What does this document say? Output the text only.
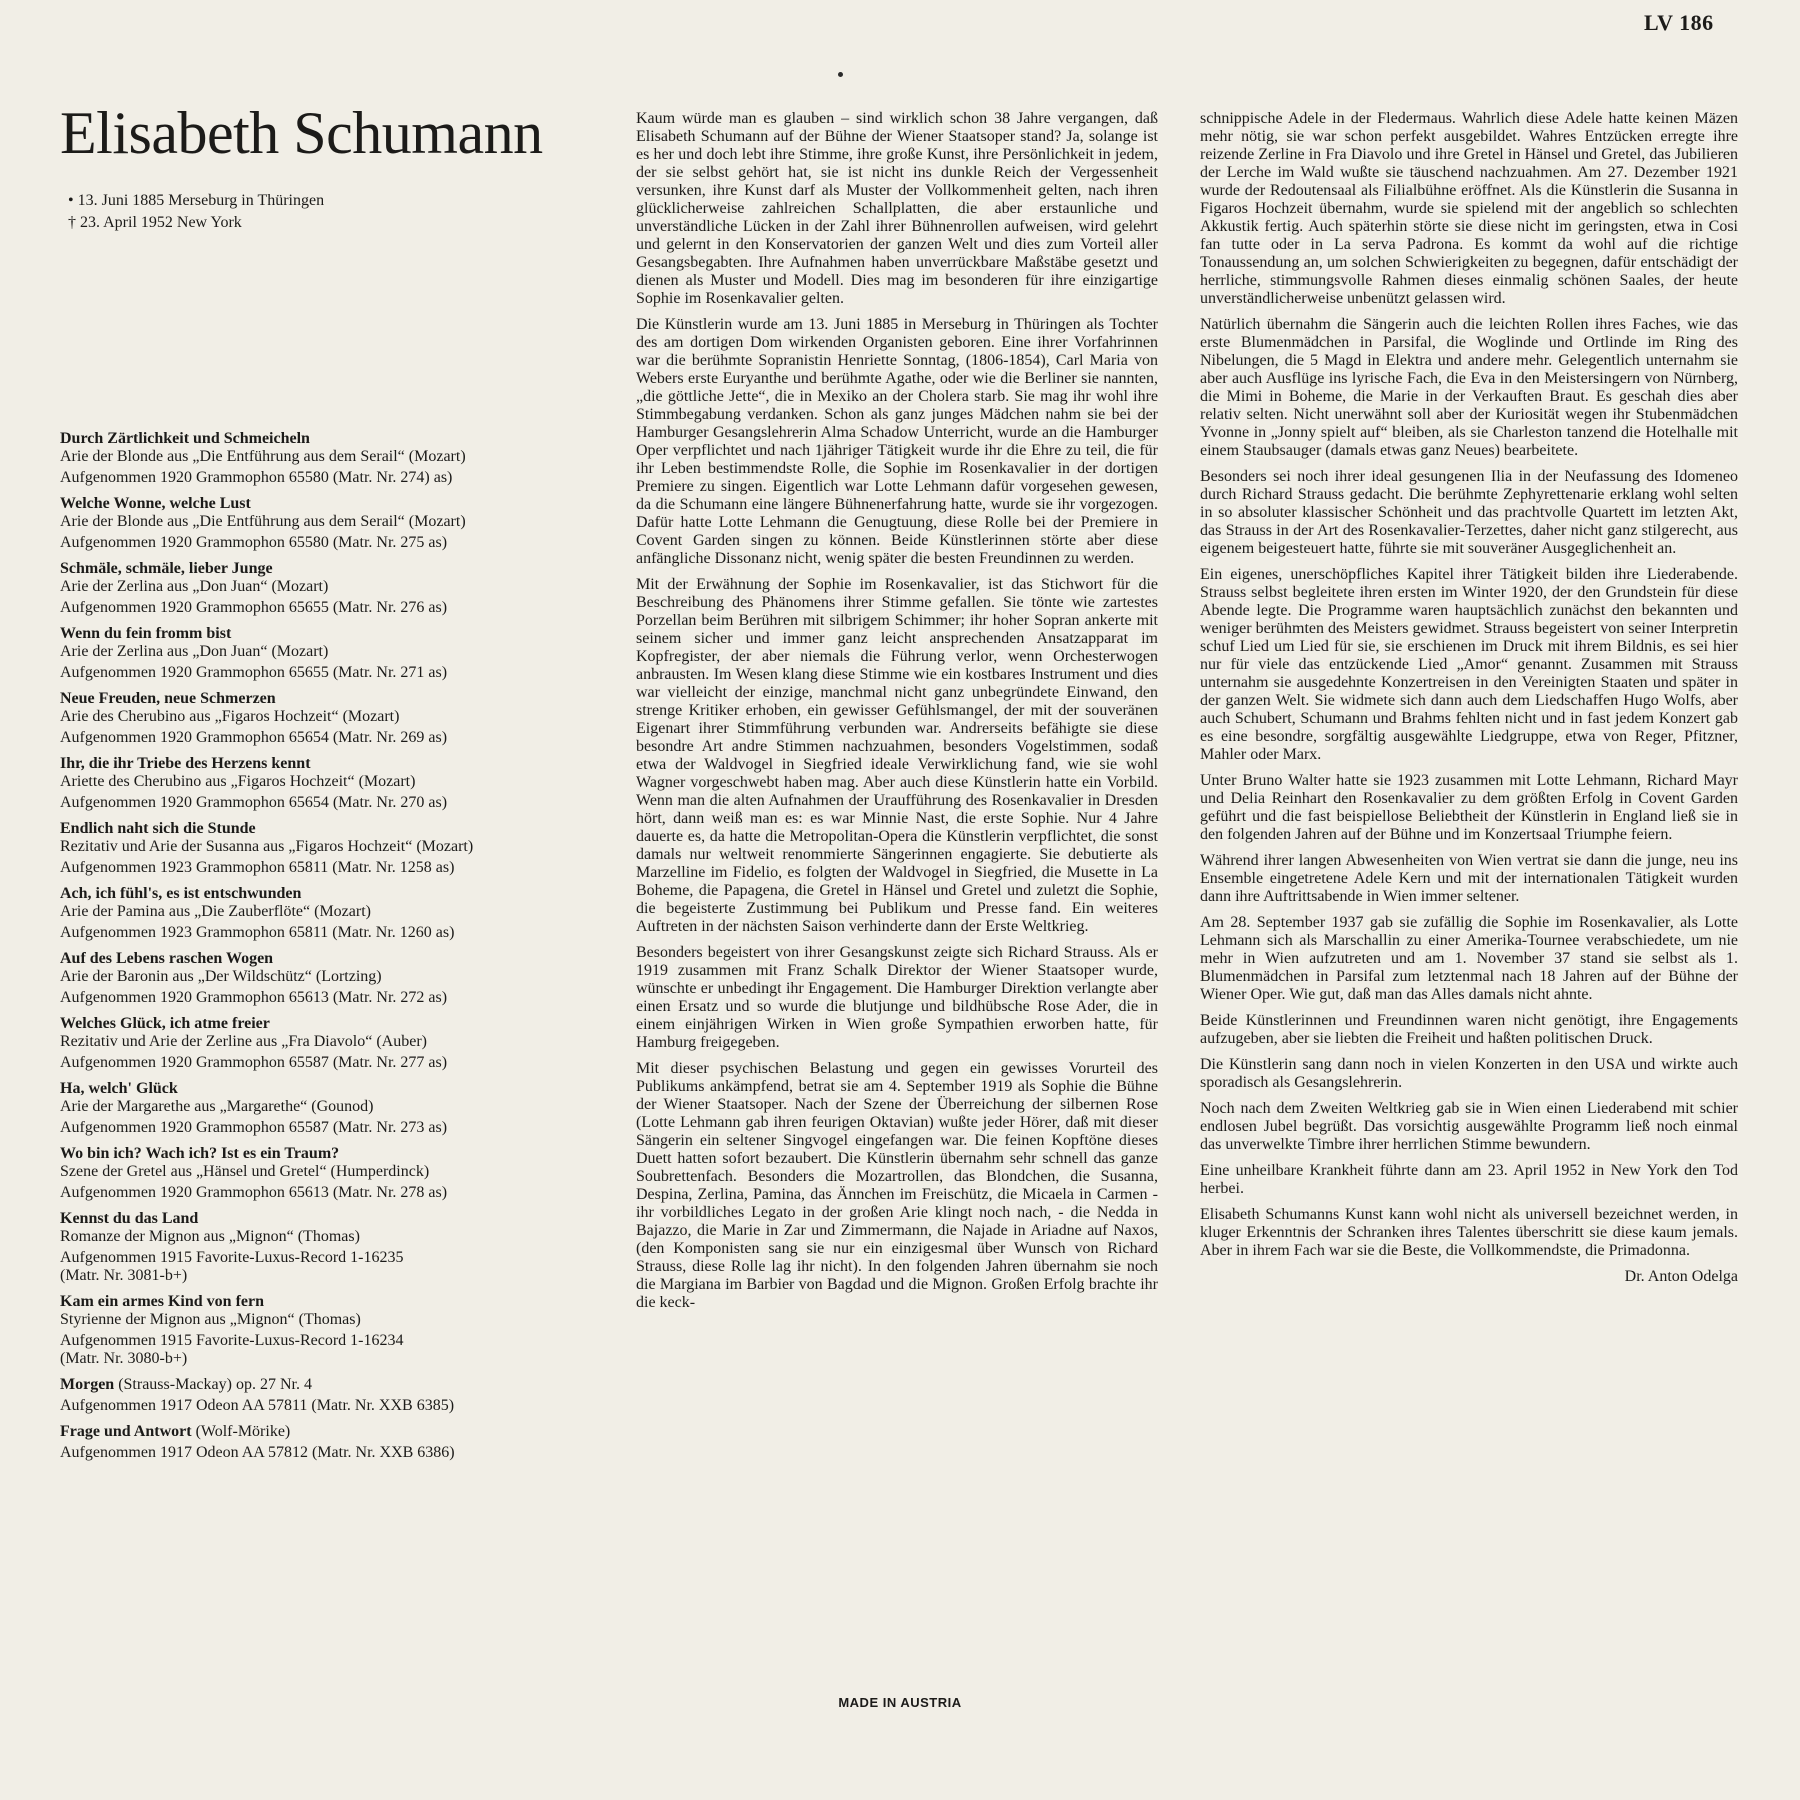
LV 186
Elisabeth Schumann
• 13. Juni 1885 Merseburg in Thüringen
† 23. April 1952 New York
Durch Zärtlichkeit und Schmeicheln
Arie der Blonde aus „Die Entführung aus dem Serail“ (Mozart)
Aufgenommen 1920 Grammophon 65580 (Matr. Nr. 274) as)
Welche Wonne, welche Lust
Arie der Blonde aus „Die Entführung aus dem Serail“ (Mozart)
Aufgenommen 1920 Grammophon 65580 (Matr. Nr. 275 as)
Schmäle, schmäle, lieber Junge
Arie der Zerlina aus „Don Juan“ (Mozart)
Aufgenommen 1920 Grammophon 65655 (Matr. Nr. 276 as)
Wenn du fein fromm bist
Arie der Zerlina aus „Don Juan“ (Mozart)
Aufgenommen 1920 Grammophon 65655 (Matr. Nr. 271 as)
Neue Freuden, neue Schmerzen
Arie des Cherubino aus „Figaros Hochzeit“ (Mozart)
Aufgenommen 1920 Grammophon 65654 (Matr. Nr. 269 as)
Ihr, die ihr Triebe des Herzens kennt
Ariette des Cherubino aus „Figaros Hochzeit“ (Mozart)
Aufgenommen 1920 Grammophon 65654 (Matr. Nr. 270 as)
Endlich naht sich die Stunde
Rezitativ und Arie der Susanna aus „Figaros Hochzeit“ (Mozart)
Aufgenommen 1923 Grammophon 65811 (Matr. Nr. 1258 as)
Ach, ich fühl's, es ist entschwunden
Arie der Pamina aus „Die Zauberflöte“ (Mozart)
Aufgenommen 1923 Grammophon 65811 (Matr. Nr. 1260 as)
Auf des Lebens raschen Wogen
Arie der Baronin aus „Der Wildschütz“ (Lortzing)
Aufgenommen 1920 Grammophon 65613 (Matr. Nr. 272 as)
Welches Glück, ich atme freier
Rezitativ und Arie der Zerline aus „Fra Diavolo“ (Auber)
Aufgenommen 1920 Grammophon 65587 (Matr. Nr. 277 as)
Ha, welch' Glück
Arie der Margarethe aus „Margarethe“ (Gounod)
Aufgenommen 1920 Grammophon 65587 (Matr. Nr. 273 as)
Wo bin ich? Wach ich? Ist es ein Traum?
Szene der Gretel aus „Hänsel und Gretel“ (Humperdinck)
Aufgenommen 1920 Grammophon 65613 (Matr. Nr. 278 as)
Kennst du das Land
Romanze der Mignon aus „Mignon“ (Thomas)
Aufgenommen 1915 Favorite-Luxus-Record 1-16235
(Matr. Nr. 3081-b+)
Kam ein armes Kind von fern
Styrienne der Mignon aus „Mignon“ (Thomas)
Aufgenommen 1915 Favorite-Luxus-Record 1-16234
(Matr. Nr. 3080-b+)
Morgen (Strauss-Mackay) op. 27 Nr. 4
Aufgenommen 1917 Odeon AA 57811 (Matr. Nr. XXB 6385)
Frage und Antwort (Wolf-Mörike)
Aufgenommen 1917 Odeon AA 57812 (Matr. Nr. XXB 6386)

Kaum würde man es glauben – sind wirklich schon 38 Jahre vergangen, daß Elisabeth Schumann auf der Bühne der Wiener Staatsoper stand? Ja, solange ist es her und doch lebt ihre Stimme, ihre große Kunst, ihre Persönlichkeit in jedem, der sie selbst gehört hat, sie ist nicht ins dunkle Reich der Vergessenheit versunken, ihre Kunst darf als Muster der Vollkommenheit gelten, nach ihren glücklicherweise zahlreichen Schallplatten, die aber erstaunliche und unverständliche Lücken in der Zahl ihrer Bühnenrollen aufweisen, wird gelehrt und gelernt in den Konservatorien der ganzen Welt und dies zum Vorteil aller Gesangsbegabten. Ihre Aufnahmen haben unverrückbare Maßstäbe gesetzt und dienen als Muster und Modell. Dies mag im besonderen für ihre einzigartige Sophie im Rosenkavalier gelten.

Die Künstlerin wurde am 13. Juni 1885 in Merseburg in Thüringen als Tochter des am dortigen Dom wirkenden Organisten geboren. Eine ihrer Vorfahrinnen war die berühmte Sopranistin Henriette Sonntag, (1806-1854), Carl Maria von Webers erste Euryanthe und berühmte Agathe, oder wie die Berliner sie nannten, „die göttliche Jette“, die in Mexiko an der Cholera starb. Sie mag ihr wohl ihre Stimmbegabung verdanken. Schon als ganz junges Mädchen nahm sie bei der Hamburger Gesangslehrerin Alma Schadow Unterricht, wurde an die Hamburger Oper verpflichtet und nach 1jähriger Tätigkeit wurde ihr die Ehre zu teil, die für ihr Leben bestimmendste Rolle, die Sophie im Rosenkavalier in der dortigen Premiere zu singen. Eigentlich war Lotte Lehmann dafür vorgesehen gewesen, da die Schumann eine längere Bühnenerfahrung hatte, wurde sie ihr vorgezogen. Dafür hatte Lotte Lehmann die Genugtuung, diese Rolle bei der Premiere in Covent Garden singen zu können. Beide Künstlerinnen störte aber diese anfängliche Dissonanz nicht, wenig später die besten Freundinnen zu werden.

Mit der Erwähnung der Sophie im Rosenkavalier, ist das Stichwort für die Beschreibung des Phänomens ihrer Stimme gefallen. Sie tönte wie zartestes Porzellan beim Berühren mit silbrigem Schimmer; ihr hoher Sopran ankerte mit seinem sicher und immer ganz leicht ansprechenden Ansatzapparat im Kopfregister, der aber niemals die Führung verlor, wenn Orchesterwogen anbrausten. Im Wesen klang diese Stimme wie ein kostbares Instrument und dies war vielleicht der einzige, manchmal nicht ganz unbegründete Einwand, den strenge Kritiker erhoben, ein gewisser Gefühlsmangel, der mit der souveränen Eigenart ihrer Stimmführung verbunden war. Andrerseits befähigte sie diese besondre Art andre Stimmen nachzuahmen, besonders Vogelstimmen, sodaß etwa der Waldvogel in Siegfried ideale Verwirklichung fand, wie sie wohl Wagner vorgeschwebt haben mag. Aber auch diese Künstlerin hatte ein Vorbild. Wenn man die alten Aufnahmen der Uraufführung des Rosenkavalier in Dresden hört, dann weiß man es: es war Minnie Nast, die erste Sophie. Nur 4 Jahre dauerte es, da hatte die Metropolitan-Opera die Künstlerin verpflichtet, die sonst damals nur weltweit renommierte Sängerinnen engagierte. Sie debutierte als Marzelline im Fidelio, es folgten der Waldvogel in Siegfried, die Musette in La Boheme, die Papagena, die Gretel in Hänsel und Gretel und zuletzt die Sophie, die begeisterte Zustimmung bei Publikum und Presse fand. Ein weiteres Auftreten in der nächsten Saison verhinderte dann der Erste Weltkrieg.

Besonders begeistert von ihrer Gesangskunst zeigte sich Richard Strauss. Als er 1919 zusammen mit Franz Schalk Direktor der Wiener Staatsoper wurde, wünschte er unbedingt ihr Engagement. Die Hamburger Direktion verlangte aber einen Ersatz und so wurde die blutjunge und bildhübsche Rose Ader, die in einem einjährigen Wirken in Wien große Sympathien erworben hatte, für Hamburg freigegeben.

Mit dieser psychischen Belastung und gegen ein gewisses Vorurteil des Publikums ankämpfend, betrat sie am 4. September 1919 als Sophie die Bühne der Wiener Staatsoper. Nach der Szene der Überreichung der silbernen Rose (Lotte Lehmann gab ihren feurigen Oktavian) wußte jeder Hörer, daß mit dieser Sängerin ein seltener Singvogel eingefangen war. Die feinen Kopftöne dieses Duett hatten sofort bezaubert. Die Künstlerin übernahm sehr schnell das ganze Soubrettenfach. Besonders die Mozartrollen, das Blondchen, die Susanna, Despina, Zerlina, Pamina, das Ännchen im Freischütz, die Micaela in Carmen - ihr vorbildliches Legato in der großen Arie klingt noch nach, - die Nedda in Bajazzo, die Marie in Zar und Zimmermann, die Najade in Ariadne auf Naxos, (den Komponisten sang sie nur ein einzigesmal über Wunsch von Richard Strauss, diese Rolle lag ihr nicht). In den folgenden Jahren übernahm sie noch die Margiana im Barbier von Bagdad und die Mignon. Großen Erfolg brachte ihr die keck-

schnippische Adele in der Fledermaus. Wahrlich diese Adele hatte keinen Mäzen mehr nötig, sie war schon perfekt ausgebildet. Wahres Entzücken erregte ihre reizende Zerline in Fra Diavolo und ihre Gretel in Hänsel und Gretel, das Jubilieren der Lerche im Wald wußte sie täuschend nachzuahmen. Am 27. Dezember 1921 wurde der Redoutensaal als Filialbühne eröffnet. Als die Künstlerin die Susanna in Figaros Hochzeit übernahm, wurde sie spielend mit der angeblich so schlechten Akkustik fertig. Auch späterhin störte sie diese nicht im geringsten, etwa in Cosi fan tutte oder in La serva Padrona. Es kommt da wohl auf die richtige Tonaussendung an, um solchen Schwierigkeiten zu begegnen, dafür entschädigt der herrliche, stimmungsvolle Rahmen dieses einmalig schönen Saales, der heute unverständlicherweise unbenützt gelassen wird.

Natürlich übernahm die Sängerin auch die leichten Rollen ihres Faches, wie das erste Blumenmädchen in Parsifal, die Woglinde und Ortlinde im Ring des Nibelungen, die 5 Magd in Elektra und andere mehr. Gelegentlich unternahm sie aber auch Ausflüge ins lyrische Fach, die Eva in den Meistersingern von Nürnberg, die Mimi in Boheme, die Marie in der Verkauften Braut. Es geschah dies aber relativ selten. Nicht unerwähnt soll aber der Kuriosität wegen ihr Stubenmädchen Yvonne in „Jonny spielt auf“ bleiben, als sie Charleston tanzend die Hotelhalle mit einem Staubsauger (damals etwas ganz Neues) bearbeitete.

Besonders sei noch ihrer ideal gesungenen Ilia in der Neufassung des Idomeneo durch Richard Strauss gedacht. Die berühmte Zephyrettenarie erklang wohl selten in so absoluter klassischer Schönheit und das prachtvolle Quartett im letzten Akt, das Strauss in der Art des Rosenkavalier-Terzettes, daher nicht ganz stilgerecht, aus eigenem beigesteuert hatte, führte sie mit souveräner Ausgeglichenheit an.

Ein eigenes, unerschöpfliches Kapitel ihrer Tätigkeit bilden ihre Liederabende. Strauss selbst begleitete ihren ersten im Winter 1920, der den Grundstein für diese Abende legte. Die Programme waren hauptsächlich zunächst den bekannten und weniger berühmten des Meisters gewidmet. Strauss begeistert von seiner Interpretin schuf Lied um Lied für sie, sie erschienen im Druck mit ihrem Bildnis, es sei hier nur für viele das entzückende Lied „Amor“ genannt. Zusammen mit Strauss unternahm sie ausgedehnte Konzertreisen in den Vereinigten Staaten und später in der ganzen Welt. Sie widmete sich dann auch dem Liedschaffen Hugo Wolfs, aber auch Schubert, Schumann und Brahms fehlten nicht und in fast jedem Konzert gab es eine besondre, sorgfältig ausgewählte Liedgruppe, etwa von Reger, Pfitzner, Mahler oder Marx.

Unter Bruno Walter hatte sie 1923 zusammen mit Lotte Lehmann, Richard Mayr und Delia Reinhart den Rosenkavalier zu dem größten Erfolg in Covent Garden geführt und die fast beispiellose Beliebtheit der Künstlerin in England ließ sie in den folgenden Jahren auf der Bühne und im Konzertsaal Triumphe feiern.

Während ihrer langen Abwesenheiten von Wien vertrat sie dann die junge, neu ins Ensemble eingetretene Adele Kern und mit der internationalen Tätigkeit wurden dann ihre Auftrittsabende in Wien immer seltener.

Am 28. September 1937 gab sie zufällig die Sophie im Rosenkavalier, als Lotte Lehmann sich als Marschallin zu einer Amerika-Tournee verabschiedete, um nie mehr in Wien aufzutreten und am 1. November 37 stand sie selbst als 1. Blumenmädchen in Parsifal zum letztenmal nach 18 Jahren auf der Bühne der Wiener Oper. Wie gut, daß man das Alles damals nicht ahnte.

Beide Künstlerinnen und Freundinnen waren nicht genötigt, ihre Engagements aufzugeben, aber sie liebten die Freiheit und haßten politischen Druck.

Die Künstlerin sang dann noch in vielen Konzerten in den USA und wirkte auch sporadisch als Gesangslehrerin.

Noch nach dem Zweiten Weltkrieg gab sie in Wien einen Liederabend mit schier endlosen Jubel begrüßt. Das vorsichtig ausgewählte Programm ließ noch einmal das unverwelkte Timbre ihrer herrlichen Stimme bewundern.

Eine unheilbare Krankheit führte dann am 23. April 1952 in New York den Tod herbei.

Elisabeth Schumanns Kunst kann wohl nicht als universell bezeichnet werden, in kluger Erkenntnis der Schranken ihres Talentes überschritt sie diese kaum jemals. Aber in ihrem Fach war sie die Beste, die Vollkommendste, die Primadonna.

Dr. Anton Odelga
MADE IN AUSTRIA
